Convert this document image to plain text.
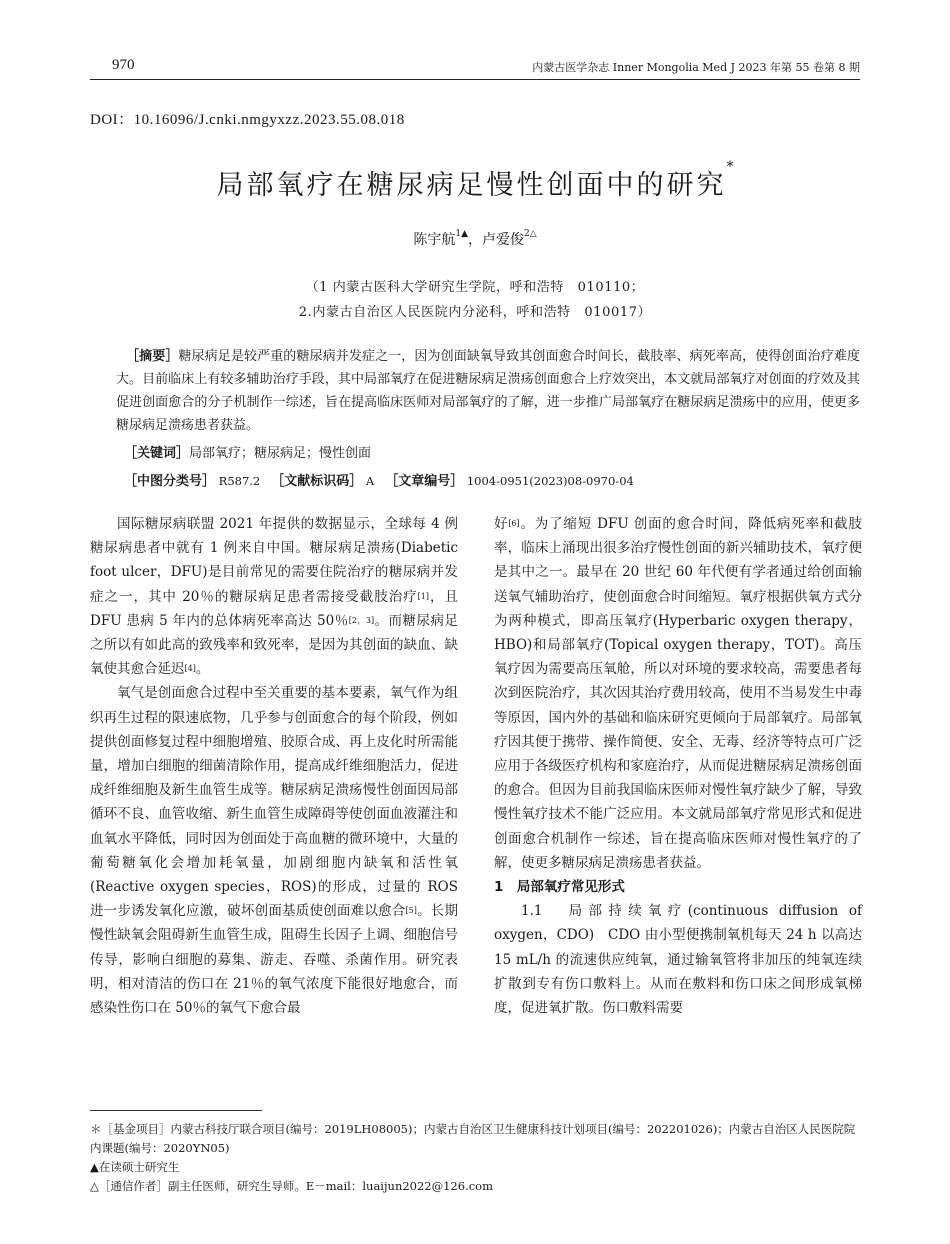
970	内蒙古医学杂志 Inner Mongolia Med J 2023 年第 55 卷第 8 期
DOI：10.16096/J.cnki.nmgyxzz.2023.55.08.018
局部氧疗在糖尿病足慢性创面中的研究*
陈宇航$^{1▲}$，卢爱俊$^{2\triangle}$
（1 内蒙古医科大学研究生学院，呼和浩特　010110；
2.内蒙古自治区人民医院内分泌科，呼和浩特　010017）

［摘要］糖尿病足是较严重的糖尿病并发症之一，因为创面缺氧导致其创面愈合时间长，截肢率、病死率高，使得创面治疗难度大。目前临床上有较多辅助治疗手段，其中局部氧疗在促进糖尿病足溃疡创面愈合上疗效突出，本文就局部氧疗对创面的疗效及其促进创面愈合的分子机制作一综述，旨在提高临床医师对局部氧疗的了解，进一步推广局部氧疗在糖尿病足溃疡中的应用，使更多糖尿病足溃疡患者获益。

［关键词］局部氧疗；糖尿病足；慢性创面
［中图分类号］ R587.2 ［文献标识码］ A ［文章编号］ 1004-0951(2023)08-0970-04

国际糖尿病联盟 2021 年提供的数据显示，全球每 4 例糖尿病患者中就有 1 例来自中国。糖尿病足溃疡(Diabetic foot ulcer，DFU)是目前常见的需要住院治疗的糖尿病并发症之一，其中 20％的糖尿病足患者需接受截肢治疗[1]，且 DFU 患病 5 年内的总体病死率高达 50％[2，3]。而糖尿病足之所以有如此高的致残率和致死率，是因为其创面的缺血、缺氧使其愈合延迟[4]。

氧气是创面愈合过程中至关重要的基本要素，氧气作为组织再生过程的限速底物，几乎参与创面愈合的每个阶段，例如提供创面修复过程中细胞增殖、胶原合成、再上皮化时所需能量，增加白细胞的细菌清除作用，提高成纤维细胞活力，促进成纤维细胞及新生血管生成等。糖尿病足溃疡慢性创面因局部循环不良、血管收缩、新生血管生成障碍等使创面血液灌注和血氧水平降低，同时因为创面处于高血糖的微环境中，大量的葡萄糖氧化会增加耗氧量，加剧细胞内缺氧和活性氧(Reactive oxygen species，ROS)的形成，过量的 ROS 进一步诱发氧化应激，破坏创面基质使创面难以愈合[5]。长期慢性缺氧会阻碍新生血管生成，阻碍生长因子上调、细胞信号传导，影响白细胞的募集、游走、吞噬、杀菌作用。研究表明，相对清洁的伤口在 21％的氧气浓度下能很好地愈合，而感染性伤口在 50％的氧气下愈合最

好[6]。为了缩短 DFU 创面的愈合时间，降低病死率和截肢率，临床上涌现出很多治疗慢性创面的新兴辅助技术，氧疗便是其中之一。最早在 20 世纪 60 年代便有学者通过给创面输送氧气辅助治疗，使创面愈合时间缩短。氧疗根据供氧方式分为两种模式，即高压氧疗(Hyperbaric oxygen therapy，HBO)和局部氧疗(Topical oxygen therapy，TOT)。高压氧疗因为需要高压氧舱，所以对环境的要求较高，需要患者每次到医院治疗，其次因其治疗费用较高，使用不当易发生中毒等原因，国内外的基础和临床研究更倾向于局部氧疗。局部氧疗因其便于携带、操作简便、安全、无毒、经济等特点可广泛应用于各级医疗机构和家庭治疗，从而促进糖尿病足溃疡创面的愈合。但因为目前我国临床医师对慢性氧疗缺少了解，导致慢性氧疗技术不能广泛应用。本文就局部氧疗常见形式和促进创面愈合机制作一综述，旨在提高临床医师对慢性氧疗的了解，使更多糖尿病足溃疡患者获益。

1　局部氧疗常见形式

1.1　局部持续氧疗(continuous diffusion of oxygen，CDO)　CDO 由小型便携制氧机每天 24 h 以高达 15 mL/h 的流速供应纯氧，通过输氧管将非加压的纯氧连续扩散到专有伤口敷料上。从而在敷料和伤口床之间形成氧梯度，促进氧扩散。伤口敷料需要

＊［基金项目］内蒙古科技厅联合项目(编号：2019LH08005)；内蒙古自治区卫生健康科技计划项目(编号：202201026)；内蒙古自治区人民医院院内课题(编号：2020YN05)
▲在读硕士研究生
△［通信作者］副主任医师，研究生导师。E－mail：luaijun2022@126.com
